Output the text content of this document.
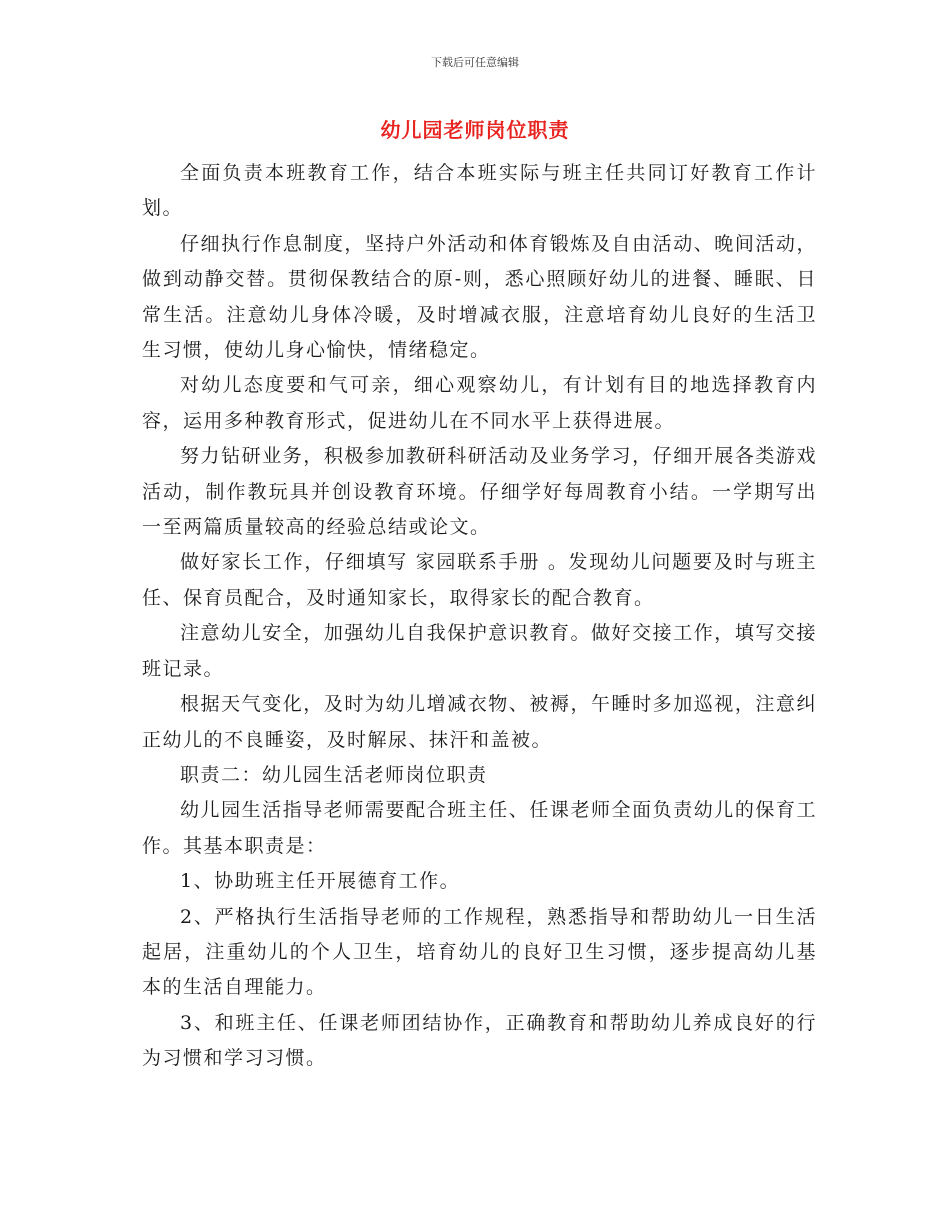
下载后可任意编辑
幼儿园老师岗位职责

全面负责本班教育工作，结合本班实际与班主任共同订好教育工作计划。

仔细执行作息制度，坚持户外活动和体育锻炼及自由活动、晚间活动，做到动静交替。贯彻保教结合的原-则，悉心照顾好幼儿的进餐、睡眠、日常生活。注意幼儿身体冷暖，及时增减衣服，注意培育幼儿良好的生活卫生习惯，使幼儿身心愉快，情绪稳定。

对幼儿态度要和气可亲，细心观察幼儿，有计划有目的地选择教育内容，运用多种教育形式，促进幼儿在不同水平上获得进展。

努力钻研业务，积极参加教研科研活动及业务学习，仔细开展各类游戏活动，制作教玩具并创设教育环境。仔细学好每周教育小结。一学期写出一至两篇质量较高的经验总结或论文。

做好家长工作，仔细填写 家园联系手册 。发现幼儿问题要及时与班主任、保育员配合，及时通知家长，取得家长的配合教育。

注意幼儿安全，加强幼儿自我保护意识教育。做好交接工作，填写交接班记录。

根据天气变化，及时为幼儿增减衣物、被褥，午睡时多加巡视，注意纠正幼儿的不良睡姿，及时解尿、抹汗和盖被。

职责二：幼儿园生活老师岗位职责

幼儿园生活指导老师需要配合班主任、任课老师全面负责幼儿的保育工作。其基本职责是：

1、协助班主任开展德育工作。

2、严格执行生活指导老师的工作规程，熟悉指导和帮助幼儿一日生活起居，注重幼儿的个人卫生，培育幼儿的良好卫生习惯，逐步提高幼儿基本的生活自理能力。

3、和班主任、任课老师团结协作，正确教育和帮助幼儿养成良好的行为习惯和学习习惯。
